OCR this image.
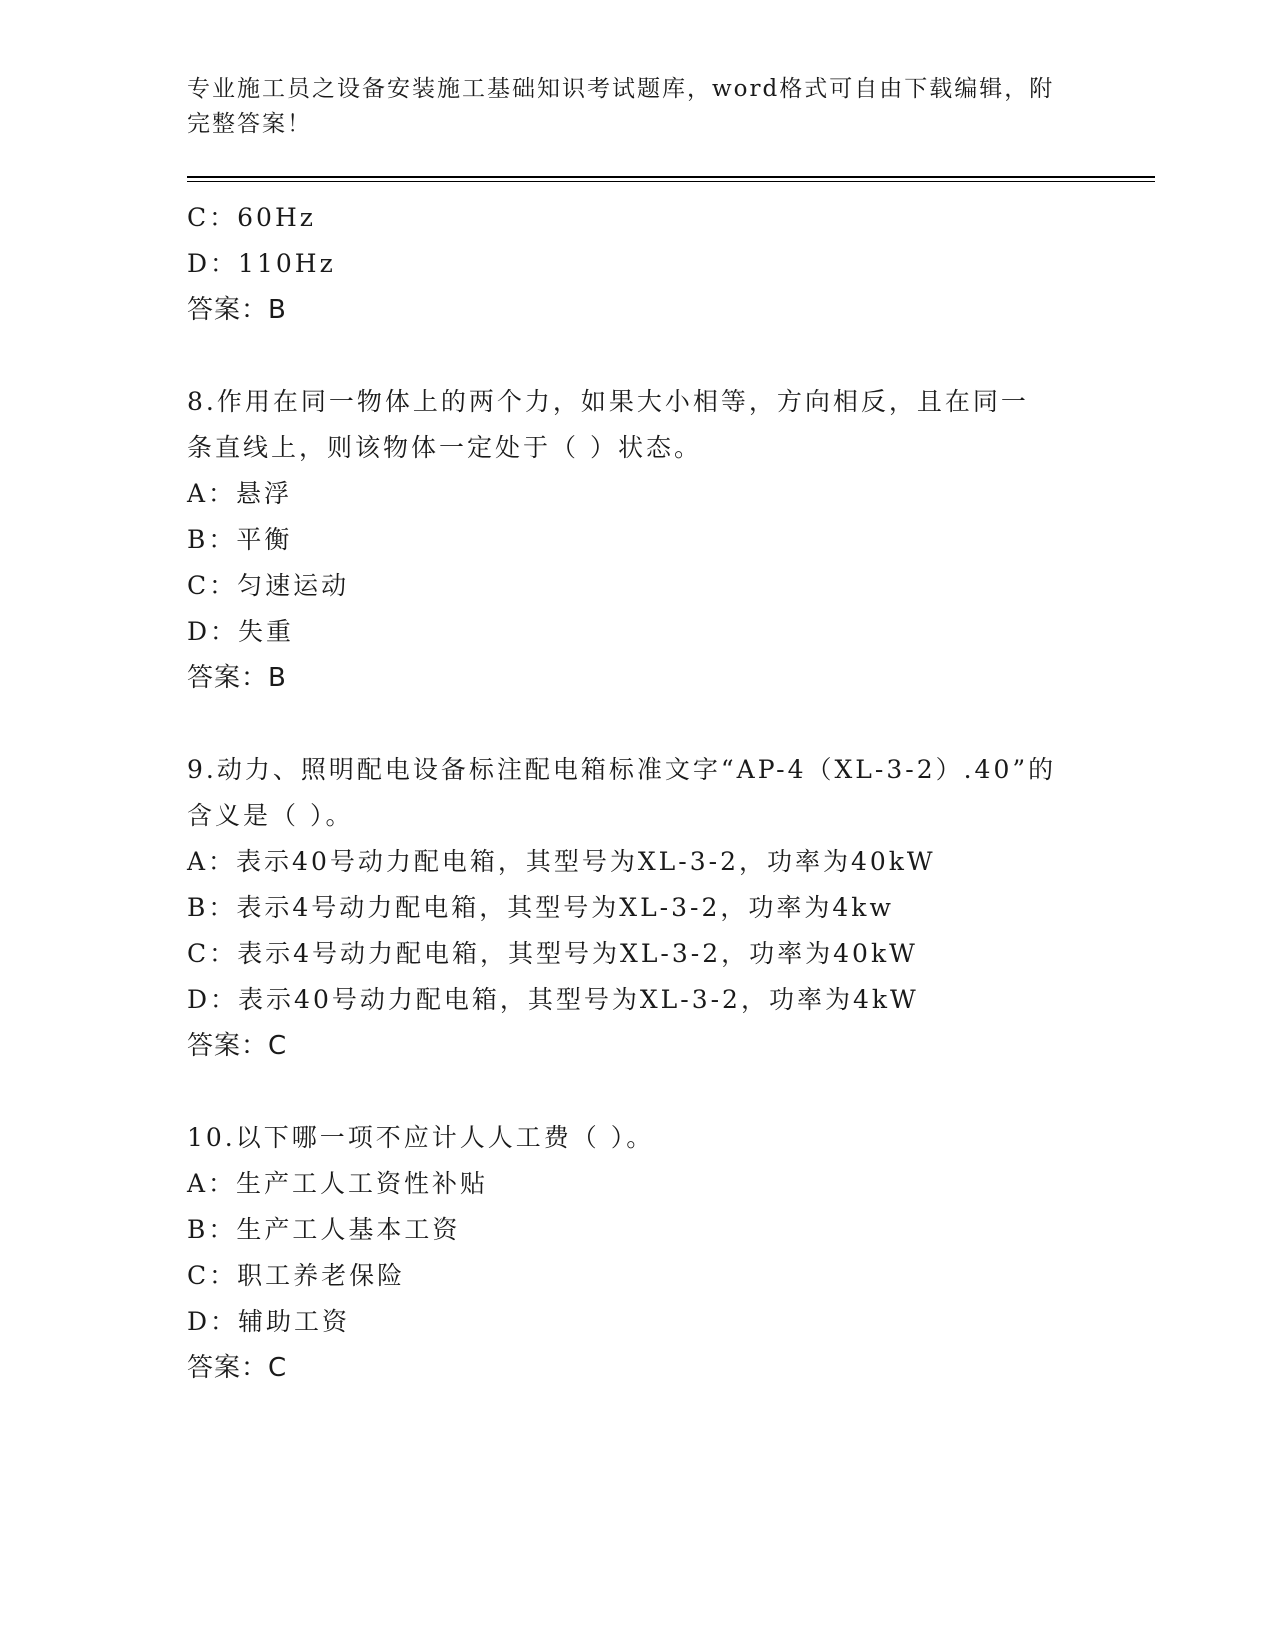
专业施工员之设备安装施工基础知识考试题库，word格式可自由下载编辑，附完整答案！
C：60Hz
D：110Hz
答案：B
8.作用在同一物体上的两个力，如果大小相等，方向相反，且在同一
条直线上，则该物体一定处于（ ）状态。
A：悬浮
B：平衡
C：匀速运动
D：失重
答案：B
9.动力、照明配电设备标注配电箱标准文字“AP-4（XL-3-2）.40”的
含义是（ ）。
A：表示40号动力配电箱，其型号为XL-3-2，功率为40kW
B：表示4号动力配电箱，其型号为XL-3-2，功率为4kw
C：表示4号动力配电箱，其型号为XL-3-2，功率为40kW
D：表示40号动力配电箱，其型号为XL-3-2，功率为4kW
答案：C
10.以下哪一项不应计人人工费（ ）。
A：生产工人工资性补贴
B：生产工人基本工资
C：职工养老保险
D：辅助工资
答案：C
